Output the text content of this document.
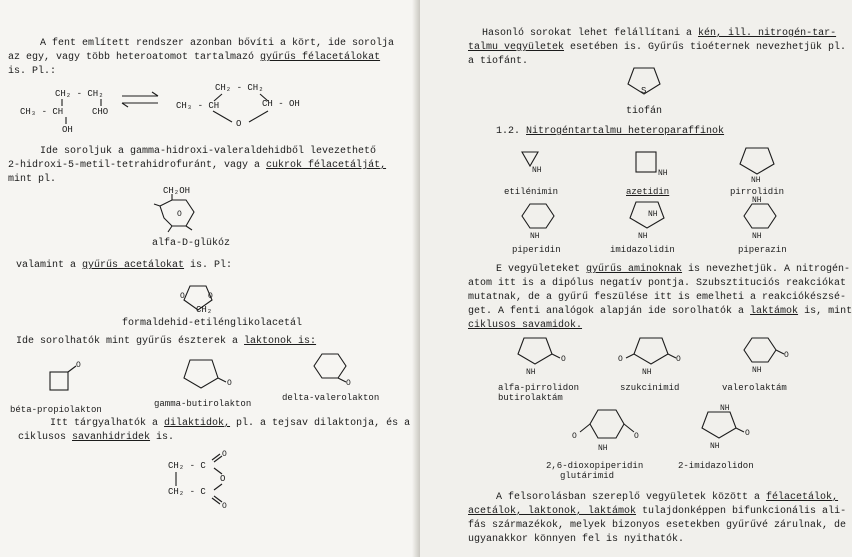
A fent említett rendszer azonban bővíti a kört, ide sorolja
az egy, vagy több heteroatomot tartalmazó gyűrűs félacetálokat
is. Pl.:
CH₂ - CH₂
CH₃ - CH	CHO
OH
CH₂ - CH₂
CH₃ - CH	CH - OH
O
Ide soroljuk a gamma-hidroxi-valeraldehidből levezethető
2-hidroxi-5-metil-tetrahidrofuránt, vagy a cukrok félacetálját,
mint pl.
CH₂OH
O
alfa-D-glükóz
valamint a gyűrűs acetálokat is. Pl:
O	O
CH₂
formaldehid-etilénglikolacetál
Ide sorolhatók mint gyűrűs észterek a laktonok is:
O
O	O
béta-propiolakton
gamma-butirolakton
delta-valerolakton
Itt tárgyalhatók a dilaktidok, pl. a tejsav dilaktonja, és a
ciklusos savanhidridek is.
CH₂ - C
CH₂ - C
O
O
O
Hasonló sorokat lehet felállítani a kén, ill. nitrogén-tar-
talmu vegyületek esetében is. Gyűrűs tioéternek nevezhetjük pl.
a tiofánt.
S
tiofán
1.2. Nitrogéntartalmu heteroparaffinok
NH	NH
NH
etilénimin	azetidin	pirrolidin
NH
NH
NH
NH
NH
piperidin	imidazolidin	piperazin
E vegyületeket gyűrűs aminoknak is nevezhetjük. A nitrogén-
atom itt is a dipólus negatív pontja. Szubsztituciós reakciókat
mutatnak, de a gyűrű feszülése itt is emelheti a reakciókészsé-
get. A fenti analógok alapján ide sorolhatók a laktámok is, mint
ciklusos savamidok.
O
NH
O	O
NH
O
NH
alfa-pirrolidon
butirolaktám
szukcinimid	valerolaktám
O	O
NH
O
NH
NH
2,6-dioxopiperidin
glutárimid
2-imidazolidon
A felsorolásban szereplő vegyületek között a félacetálok,
acetálok, laktonok, laktámok tulajdonképpen bifunkcionális ali-
fás származékok, melyek bizonyos esetekben gyűrűvé zárulnak, de
ugyanakkor könnyen fel is nyithatók.
